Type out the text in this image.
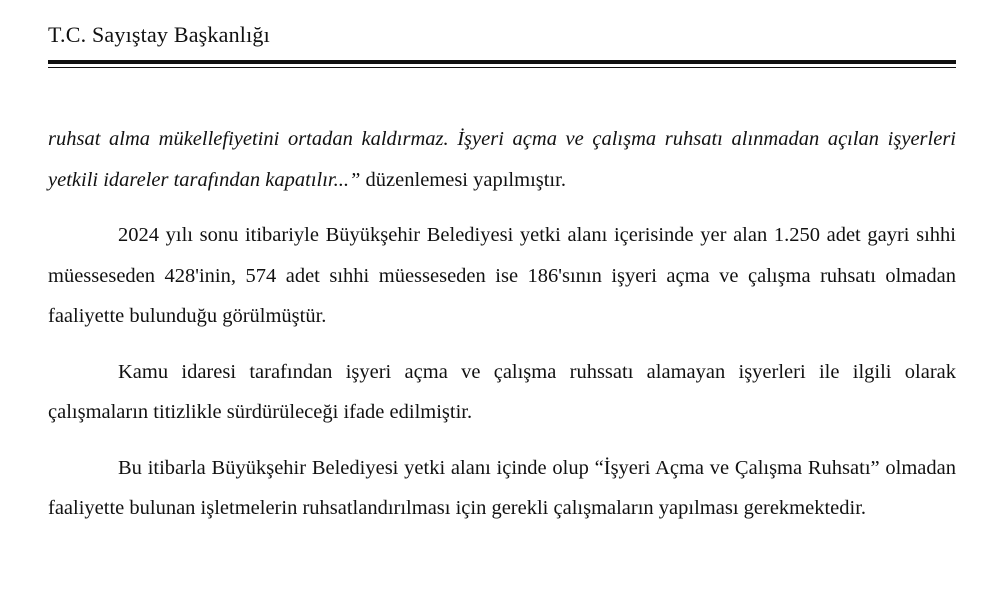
T.C. Sayıştay Başkanlığı

ruhsat alma mükellefiyetini ortadan kaldırmaz. İşyeri açma ve çalışma ruhsatı alınmadan açılan işyerleri yetkili idareler tarafından kapatılır...” düzenlemesi yapılmıştır.

2024 yılı sonu itibariyle Büyükşehir Belediyesi yetki alanı içerisinde yer alan 1.250 adet gayri sıhhi müesseseden 428'inin, 574 adet sıhhi müesseseden ise 186'sının işyeri açma ve çalışma ruhsatı olmadan faaliyette bulunduğu görülmüştür.

Kamu idaresi tarafından işyeri açma ve çalışma ruhssatı alamayan işyerleri ile ilgili olarak çalışmaların titizlikle sürdürüleceği ifade edilmiştir.

Bu itibarla Büyükşehir Belediyesi yetki alanı içinde olup “İşyeri Açma ve Çalışma Ruhsatı” olmadan faaliyette bulunan işletmelerin ruhsatlandırılması için gerekli çalışmaların yapılması gerekmektedir.
